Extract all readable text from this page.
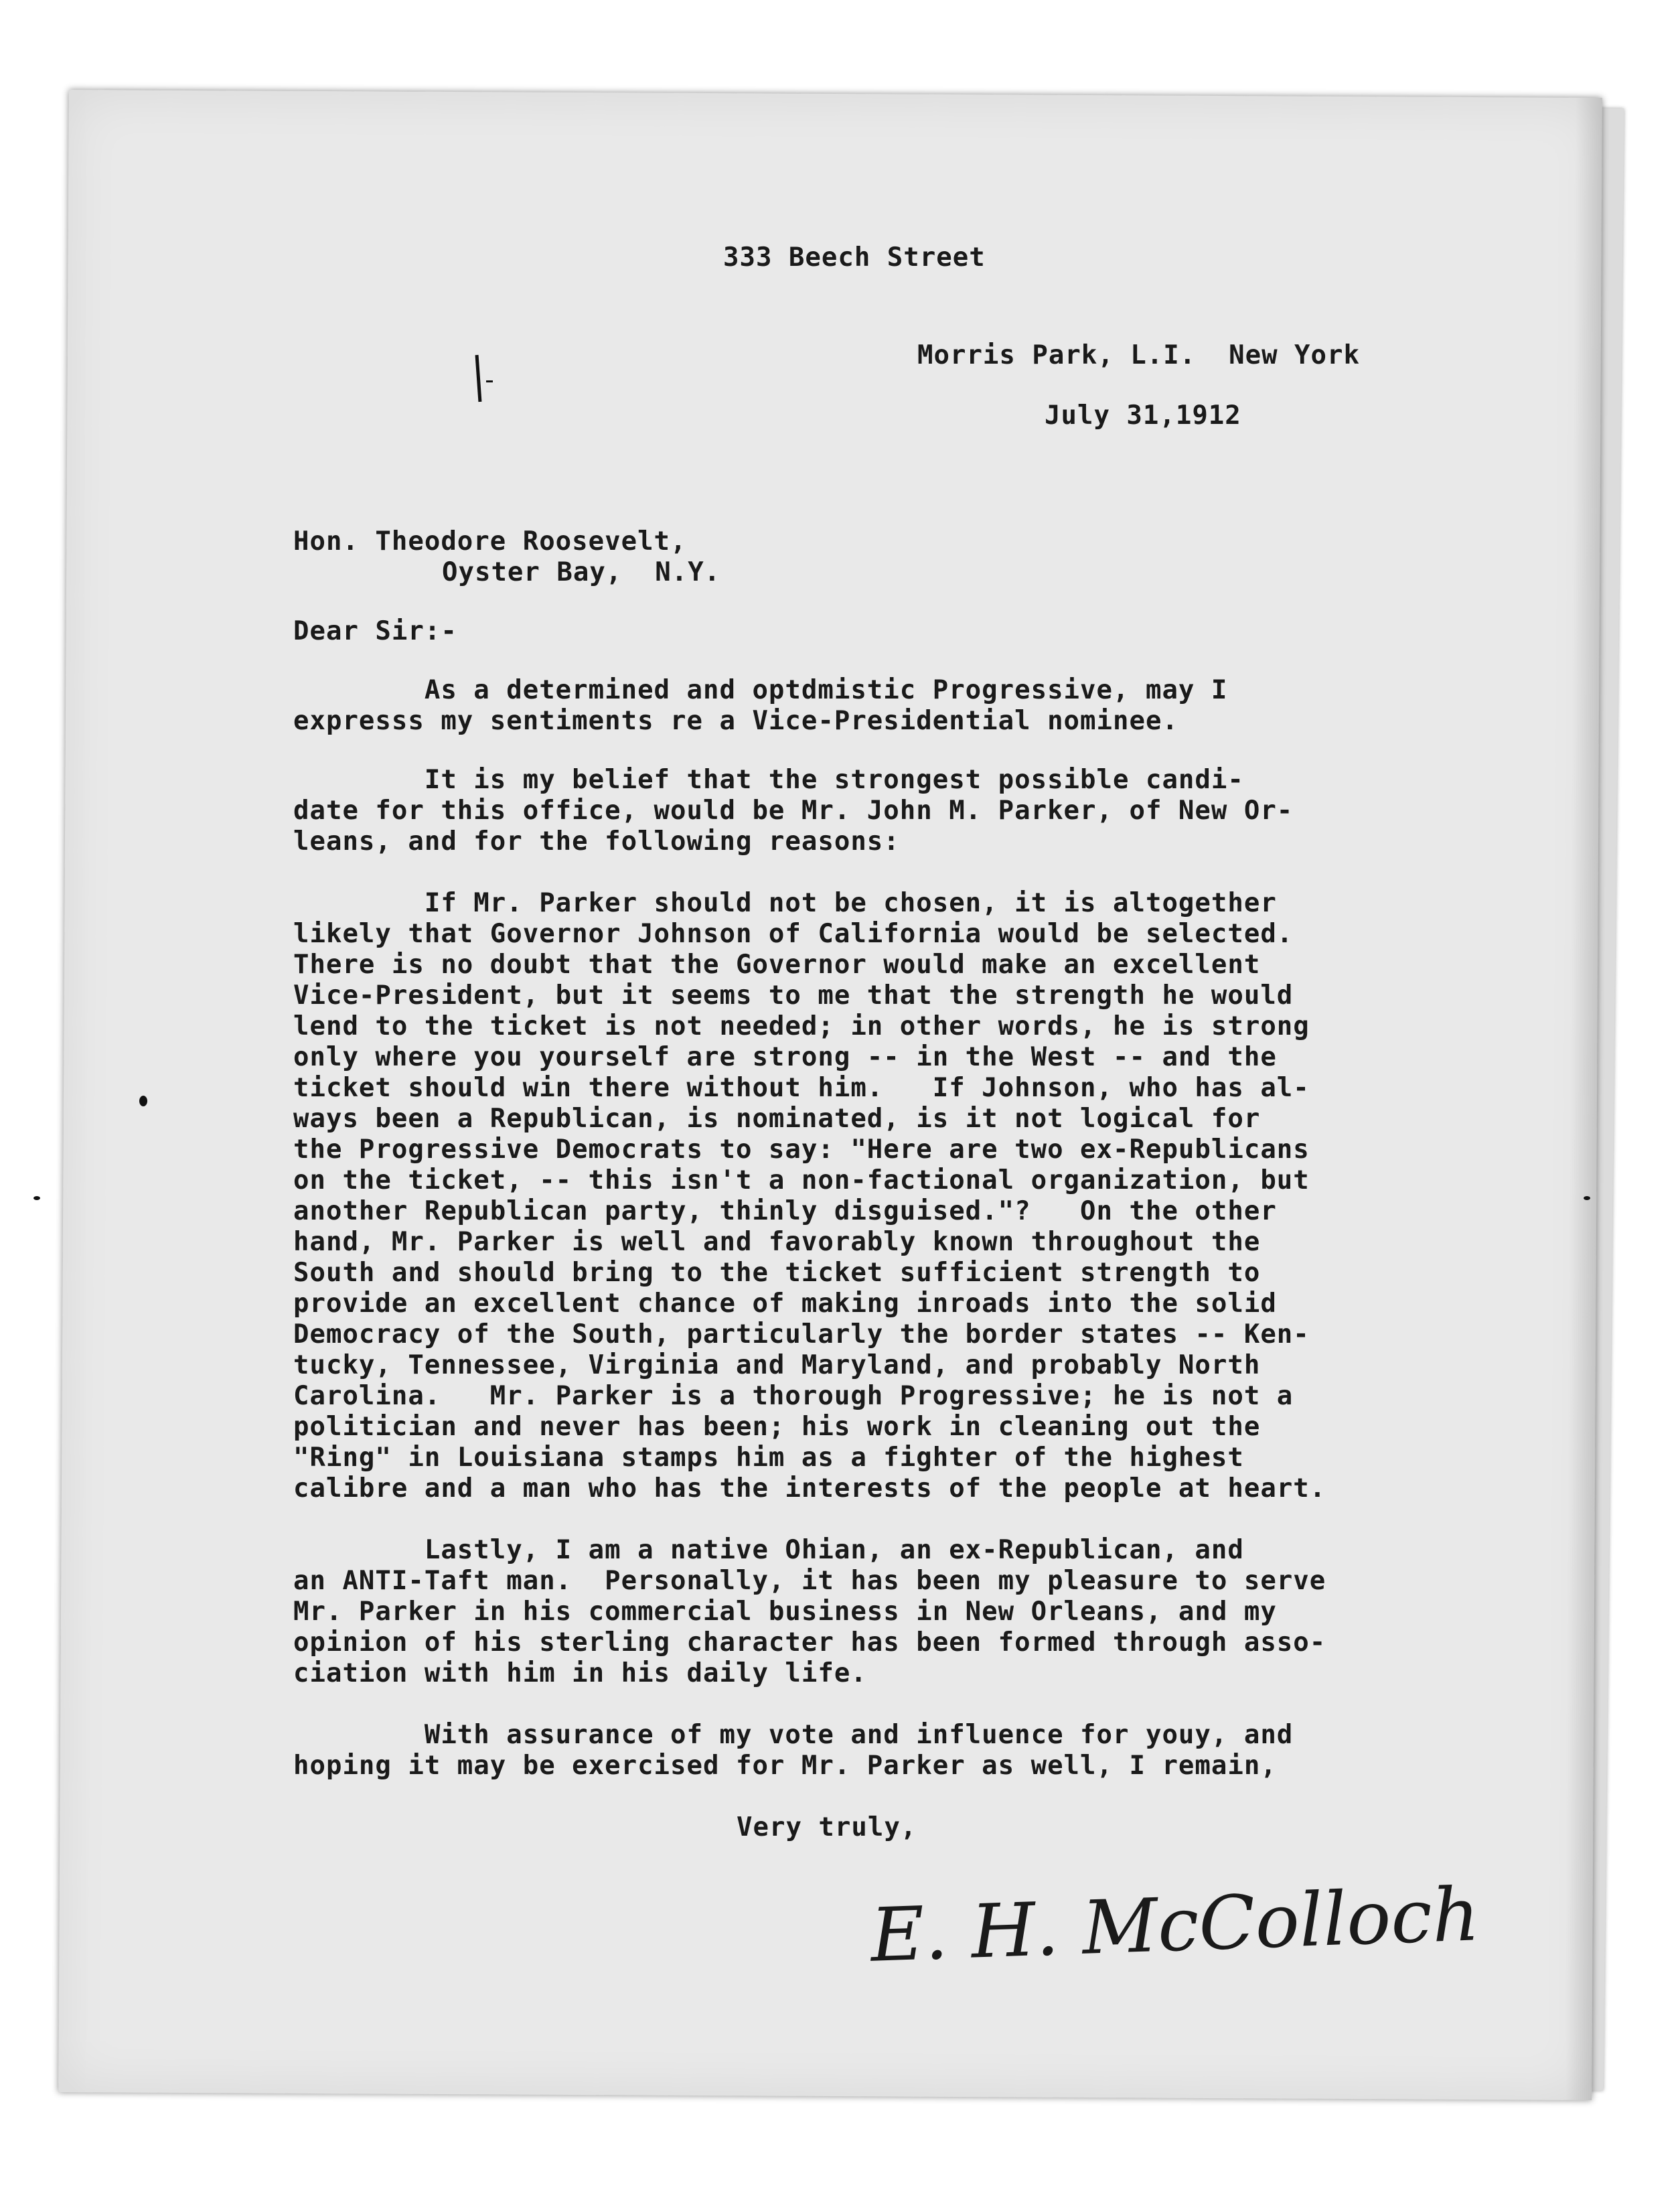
333 Beech Street
Morris Park, L.I.  New York
July 31,1912
Hon. Theodore Roosevelt,
Oyster Bay,  N.Y.
Dear Sir:-
As a determined and optdmistic Progressive, may I
expresss my sentiments re a Vice-Presidential nominee.
It is my belief that the strongest possible candi-
date for this office, would be Mr. John M. Parker, of New Or-
leans, and for the following reasons:
If Mr. Parker should not be chosen, it is altogether
likely that Governor Johnson of California would be selected.
There is no doubt that the Governor would make an excellent
Vice-President, but it seems to me that the strength he would
lend to the ticket is not needed; in other words, he is strong
only where you yourself are strong -- in the West -- and the
ticket should win there without him.   If Johnson, who has al-
ways been a Republican, is nominated, is it not logical for
the Progressive Democrats to say: "Here are two ex-Republicans
on the ticket, -- this isn't a non-factional organization, but
another Republican party, thinly disguised."?   On the other
hand, Mr. Parker is well and favorably known throughout the
South and should bring to the ticket sufficient strength to
provide an excellent chance of making inroads into the solid
Democracy of the South, particularly the border states -- Ken-
tucky, Tennessee, Virginia and Maryland, and probably North
Carolina.   Mr. Parker is a thorough Progressive; he is not a
politician and never has been; his work in cleaning out the
"Ring" in Louisiana stamps him as a fighter of the highest
calibre and a man who has the interests of the people at heart.
Lastly, I am a native Ohian, an ex-Republican, and
an ANTI-Taft man.  Personally, it has been my pleasure to serve
Mr. Parker in his commercial business in New Orleans, and my
opinion of his sterling character has been formed through asso-
ciation with him in his daily life.
With assurance of my vote and influence for youy, and
hoping it may be exercised for Mr. Parker as well, I remain,
Very truly,
E. H. McColloch
